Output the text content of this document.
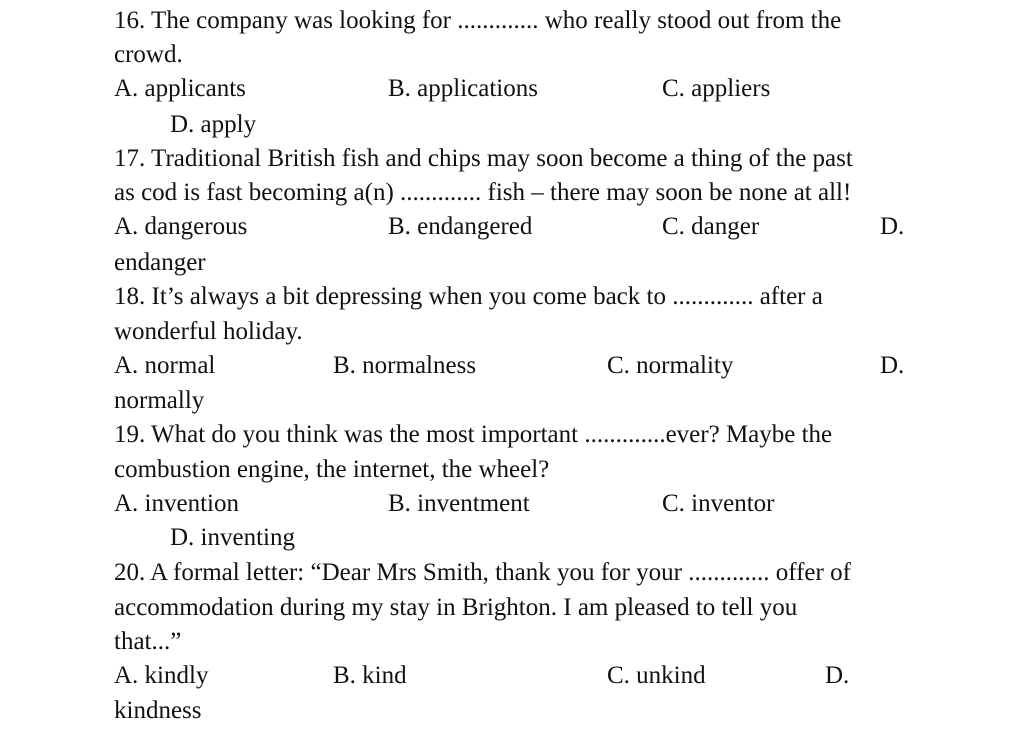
16. The company was looking for ............. who really stood out from the
crowd.
A. applicants	B. applications	C. appliers
D. apply
17. Traditional British fish and chips may soon become a thing of the past
as cod is fast becoming a(n) ............. fish – there may soon be none at all!
A. dangerous	B. endangered	C. danger	D.
endanger
18. It’s always a bit depressing when you come back to ............. after a
wonderful holiday.
A. normal	B. normalness	C. normality	D.
normally
19. What do you think was the most important .............ever? Maybe the
combustion engine, the internet, the wheel?
A. invention	B. inventment	C. inventor
D. inventing
20. A formal letter: “Dear Mrs Smith, thank you for your ............. offer of
accommodation during my stay in Brighton. I am pleased to tell you
that...”
A. kindly	B. kind	C. unkind	D.
kindness
